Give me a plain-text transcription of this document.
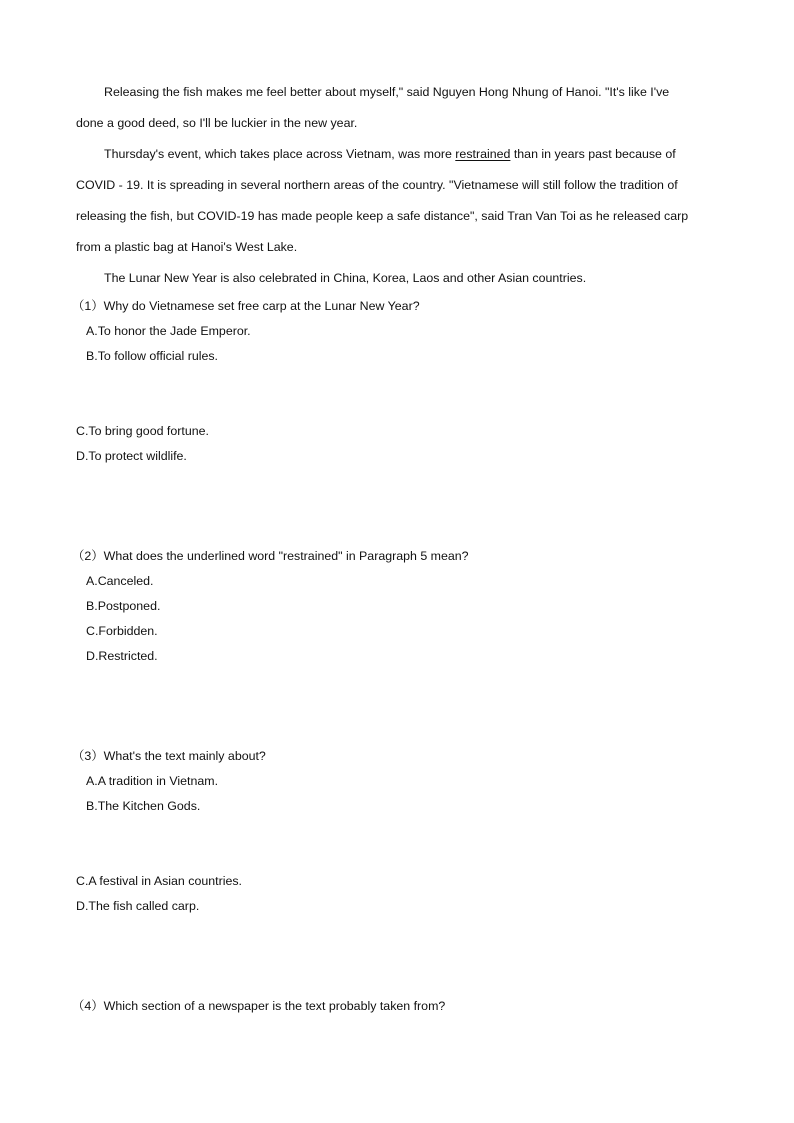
Releasing the fish makes me feel better about myself," said Nguyen Hong Nhung of Hanoi. "It's like I've
done a good deed, so I'll be luckier in the new year.
Thursday's event, which takes place across Vietnam, was more restrained than in years past because of
COVID - 19. It is spreading in several northern areas of the country. "Vietnamese will still follow the tradition of
releasing the fish, but COVID-19 has made people keep a safe distance", said Tran Van Toi as he released carp
from a plastic bag at Hanoi's West Lake.
The Lunar New Year is also celebrated in China, Korea, Laos and other Asian countries.
（1）Why do Vietnamese set free carp at the Lunar New Year?
A.To honor the Jade Emperor.
B.To follow official rules.
C.To bring good fortune.
D.To protect wildlife.
（2）What does the underlined word "restrained" in Paragraph 5 mean?
A.Canceled.
B.Postponed.
C.Forbidden.
D.Restricted.
（3）What's the text mainly about?
A.A tradition in Vietnam.
B.The Kitchen Gods.
C.A festival in Asian countries.
D.The fish called carp.
（4）Which section of a newspaper is the text probably taken from?
